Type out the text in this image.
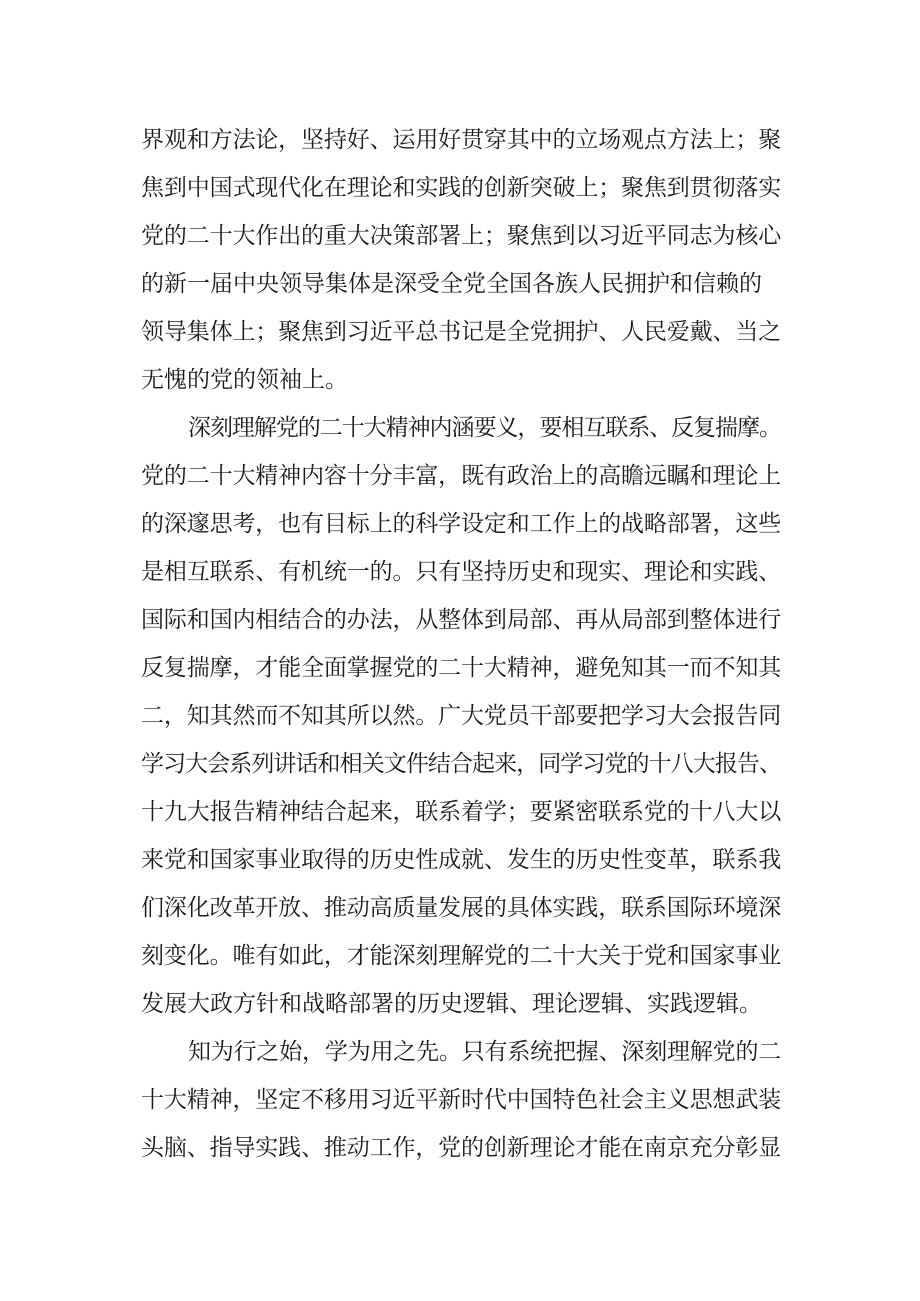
界观和方法论，坚持好、运用好贯穿其中的立场观点方法上；聚

焦到中国式现代化在理论和实践的创新突破上；聚焦到贯彻落实

党的二十大作出的重大决策部署上；聚焦到以习近平同志为核心

的新一届中央领导集体是深受全党全国各族人民拥护和信赖的

领导集体上；聚焦到习近平总书记是全党拥护、人民爱戴、当之

无愧的党的领袖上。

深刻理解党的二十大精神内涵要义，要相互联系、反复揣摩。

党的二十大精神内容十分丰富，既有政治上的高瞻远瞩和理论上

的深邃思考，也有目标上的科学设定和工作上的战略部署，这些

是相互联系、有机统一的。只有坚持历史和现实、理论和实践、

国际和国内相结合的办法，从整体到局部、再从局部到整体进行

反复揣摩，才能全面掌握党的二十大精神，避免知其一而不知其

二，知其然而不知其所以然。广大党员干部要把学习大会报告同

学习大会系列讲话和相关文件结合起来，同学习党的十八大报告、

十九大报告精神结合起来，联系着学；要紧密联系党的十八大以

来党和国家事业取得的历史性成就、发生的历史性变革，联系我

们深化改革开放、推动高质量发展的具体实践，联系国际环境深

刻变化。唯有如此，才能深刻理解党的二十大关于党和国家事业

发展大政方针和战略部署的历史逻辑、理论逻辑、实践逻辑。

知为行之始，学为用之先。只有系统把握、深刻理解党的二

十大精神，坚定不移用习近平新时代中国特色社会主义思想武装

头脑、指导实践、推动工作，党的创新理论才能在南京充分彰显
